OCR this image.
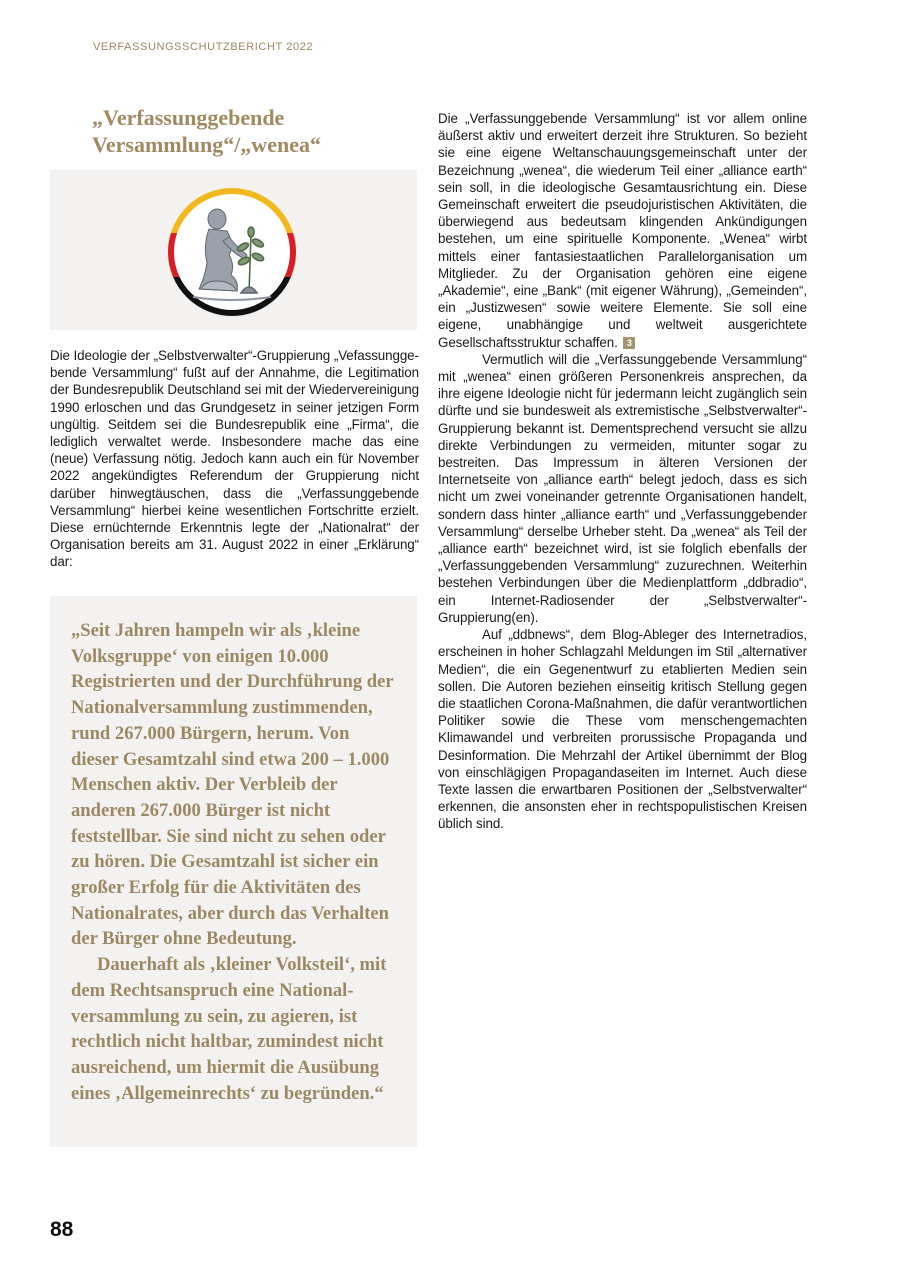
VERFASSUNGSSCHUTZBERICHT 2022
„Verfassunggebende Versammlung“/„wenea“

Die Ideologie der „Selbstverwalter“-Gruppierung „Vefassunggebende Versammlung“ fußt auf der Annahme, die Legitimation der Bundesrepublik Deutschland sei mit der Wiedervereinigung 1990 erloschen und das Grundgesetz in seiner jetzigen Form ungültig. Seitdem sei die Bundesrepublik eine „Firma“, die lediglich verwaltet werde. Insbesondere mache das eine (neue) Verfassung nötig. Jedoch kann auch ein für November 2022 angekündigtes Referendum der Gruppierung nicht darüber hinwegtäuschen, dass die „Verfassunggebende Versammlung“ hierbei keine wesentlichen Fortschritte erzielt. Diese ernüchternde Erkenntnis legte der „Nationalrat“ der Organisation bereits am 31. August 2022 in einer „Erklärung“ dar:

„Seit Jahren hampeln wir als ‚kleine Volksgruppe‘ von einigen 10.000 Registrierten und der Durchführung der Nationalversammlung zustimmenden, rund 267.000 Bürgern, herum. Von dieser Gesamtzahl sind etwa 200 – 1.000 Menschen aktiv. Der Verbleib der anderen 267.000 Bürger ist nicht feststellbar. Sie sind nicht zu sehen oder zu hören. Die Gesamtzahl ist sicher ein großer Erfolg für die Aktivitäten des Nationalrates, aber durch das Verhalten der Bürger ohne Bedeutung.

Dauerhaft als ‚kleiner Volksteil‘, mit dem Rechtsanspruch eine Nationalversammlung zu sein, zu agieren, ist rechtlich nicht haltbar, zumindest nicht ausreichend, um hiermit die Ausübung eines ‚Allgemeinrechts‘ zu begründen.“

Die „Verfassunggebende Versammlung“ ist vor allem online äußerst aktiv und erweitert derzeit ihre Strukturen. So bezieht sie eine eigene Weltanschauungsgemeinschaft unter der Bezeichnung „wenea“, die wiederum Teil einer „alliance earth“ sein soll, in die ideologische Gesamtausrichtung ein. Diese Gemeinschaft erweitert die pseudojuristischen Aktivitäten, die überwiegend aus bedeutsam klingenden Ankündigungen bestehen, um eine spirituelle Komponente. „Wenea“ wirbt mittels einer fantasiestaatlichen Parallelorganisation um Mitglieder. Zu der Organisation gehören eine eigene „Akademie“, eine „Bank“ (mit eigener Währung), „Gemeinden“, ein „Justizwesen“ sowie weitere Elemente. Sie soll eine eigene, unabhängige und weltweit ausgerichtete Gesellschaftsstruktur schaffen. 3

Vermutlich will die „Verfassunggebende Versammlung“ mit „wenea“ einen größeren Personenkreis ansprechen, da ihre eigene Ideologie nicht für jedermann leicht zugänglich sein dürfte und sie bundesweit als extremistische „Selbstverwalter“-Gruppierung bekannt ist. Dementsprechend versucht sie allzu direkte Verbindungen zu vermeiden, mitunter sogar zu bestreiten. Das Impressum in älteren Versionen der Internetseite von „alliance earth“ belegt jedoch, dass es sich nicht um zwei voneinander getrennte Organisationen handelt, sondern dass hinter „alliance earth“ und „Verfassunggebender Versammlung“ derselbe Urheber steht. Da „wenea“ als Teil der „alliance earth“ bezeichnet wird, ist sie folglich ebenfalls der „Verfassunggebenden Versammlung“ zuzurechnen. Weiterhin bestehen Verbindungen über die Medienplattform „ddbradio“, ein Internet-Radiosender der „Selbstverwalter“-Gruppierung(en).

Auf „ddbnews“, dem Blog-Ableger des Internetradios, erscheinen in hoher Schlagzahl Meldungen im Stil „alternativer Medien“, die ein Gegenentwurf zu etablierten Medien sein sollen. Die Autoren beziehen einseitig kritisch Stellung gegen die staatlichen Corona-Maßnahmen, die dafür verantwortlichen Politiker sowie die These vom menschengemachten Klimawandel und verbreiten prorussische Propaganda und Desinformation. Die Mehrzahl der Artikel übernimmt der Blog von einschlägigen Propagandaseiten im Internet. Auch diese Texte lassen die erwartbaren Positionen der „Selbstverwalter“ erkennen, die ansonsten eher in rechtspopulistischen Kreisen üblich sind.

88
